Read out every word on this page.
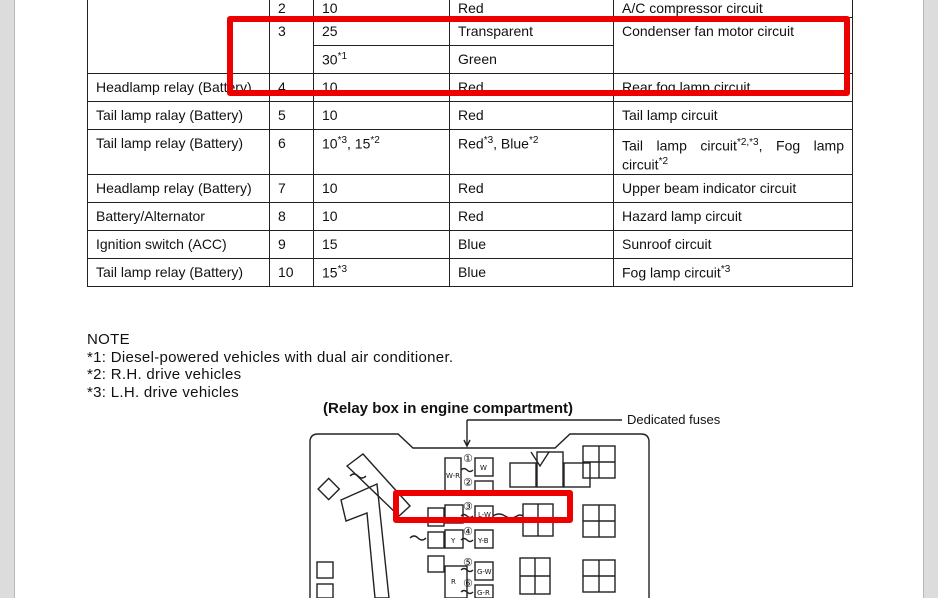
	2	10	Red	A/C compressor circuit
	3	25	Transparent	Condenser fan motor circuit
		30$^{*1}$	Green	
Headlamp relay (Battery)	4	10	Red	Rear fog lamp circuit
Tail lamp ralay (Battery)	5	10	Red	Tail lamp circuit
Tail lamp relay (Battery)	6	10$^{*3}$, 15$^{*2}$	Red$^{*3}$, Blue$^{*2}$	Tail lamp circuit$^{*2,*3}$, Fog lamp circuit$^{*2}$
Headlamp relay (Battery)	7	10	Red	Upper beam indicator circuit
Battery/Alternator	8	10	Red	Hazard lamp circuit
Ignition switch (ACC)	9	15	Blue	Sunroof circuit
Tail lamp relay (Battery)	10	15$^{*3}$	Blue	Fog lamp circuit$^{*3}$
NOTE
*1: Diesel-powered vehicles with dual air conditioner.
*2: R.H. drive vehicles
*3: L.H. drive vehicles
(Relay box in engine compartment)
Dedicated fuses
①
②
③
④
⑤
⑥
W-R
W
L-W
Y	Y-B
G-W
R
G-R
